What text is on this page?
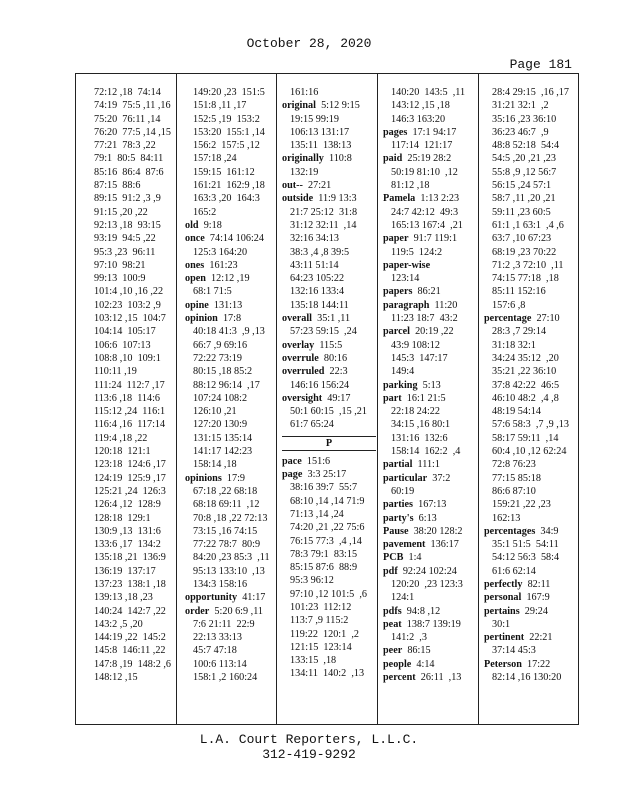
October 28, 2020
Page 181
72:12 ,18  74:14
74:19  75:5 ,11 ,16
75:20  76:11 ,14
76:20  77:5 ,14 ,15
77:21  78:3 ,22
79:1  80:5  84:11
85:16  86:4  87:6
87:15  88:6
89:15  91:2 ,3 ,9
91:15 ,20 ,22
92:13 ,18  93:15
93:19  94:5 ,22
95:3 ,23  96:11
97:10  98:21
99:13  100:9
101:4 ,10 ,16 ,22
102:23  103:2 ,9
103:12 ,15  104:7
104:14  105:17
106:6  107:13
108:8 ,10  109:1
110:11 ,19
111:24  112:7 ,17
113:6 ,18  114:6
115:12 ,24  116:1
116:4 ,16  117:14
119:4 ,18 ,22
120:18  121:1
123:18  124:6 ,17
124:19  125:9 ,17
125:21 ,24  126:3
126:4 ,12  128:9
128:18  129:1
130:9 ,13  131:6
133:6 ,17  134:2
135:18 ,21  136:9
136:19  137:17
137:23  138:1 ,18
139:13 ,18 ,23
140:24  142:7 ,22
143:2 ,5 ,20
144:19 ,22  145:2
145:8  146:11 ,22
147:8 ,19  148:2 ,6
148:12 ,15
149:20 ,23  151:5
151:8 ,11 ,17
152:5 ,19  153:2
153:20  155:1 ,14
156:2  157:5 ,12
157:18 ,24
159:15  161:12
161:21  162:9 ,18
163:3 ,20  164:3
165:2
old  9:18
once  74:14 106:24
125:3 164:20
ones  161:23
open  12:12 ,19
68:1 71:5
opine  131:13
opinion  17:8
40:18 41:3  ,9 ,13
66:7 ,9 69:16
72:22 73:19
80:15 ,18 85:2
88:12 96:14  ,17
107:24 108:2
126:10 ,21
127:20 130:9
131:15 135:14
141:17 142:23
158:14 ,18
opinions  17:9
67:18 ,22 68:18
68:18 69:11  ,12
70:8 ,18 ,22 72:13
73:15 ,16 74:15
77:22 78:7  80:9
84:20 ,23 85:3  ,11
95:13 133:10  ,13
134:3 158:16
opportunity  41:17
order  5:20 6:9 ,11
7:6 21:11  22:9
22:13 33:13
45:7 47:18
100:6 113:14
158:1 ,2 160:24
161:16
original  5:12 9:15
19:15 99:19
106:13 131:17
135:11  138:13
originally  110:8
132:19
out--  27:21
outside  11:9 13:3
21:7 25:12  31:8
31:12 32:11  ,14
32:16 34:13
38:3 ,4 ,8 39:5
43:11 51:14
64:23 105:22
132:16 133:4
135:18 144:11
overall  35:1 ,11
57:23 59:15  ,24
overlay  115:5
overrule  80:16
overruled  22:3
146:16 156:24
oversight  49:17
50:1 60:15  ,15 ,21
61:7 65:24
P
pace  151:6
page  3:3 25:17
38:16 39:7  55:7
68:10 ,14 ,14 71:9
71:13 ,14 ,24
74:20 ,21 ,22 75:6
76:15 77:3  ,4 ,14
78:3 79:1  83:15
85:15 87:6  88:9
95:3 96:12
97:10 ,12 101:5  ,6
101:23  112:12
113:7 ,9 115:2
119:22  120:1  ,2
121:15  123:14
133:15  ,18
134:11  140:2  ,13
140:20  143:5  ,11
143:12 ,15 ,18
146:3 163:20
pages  17:1 94:17
117:14  121:17
paid  25:19 28:2
50:19 81:10  ,12
81:12 ,18
Pamela  1:13 2:23
24:7 42:12  49:3
165:13 167:4  ,21
paper  91:7 119:1
119:5  124:2
paper-wise
123:14
papers  86:21
paragraph  11:20
11:23 18:7  43:2
parcel  20:19 ,22
43:9 108:12
145:3  147:17
149:4
parking  5:13
part  16:1 21:5
22:18 24:22
34:15 ,16 80:1
131:16  132:6
158:14  162:2  ,4
partial  111:1
particular  37:2
60:19
parties  167:13
party's  6:13
Pause  38:20 128:2
pavement  136:17
PCB  1:4
pdf  92:24 102:24
120:20  ,23 123:3
124:1
pdfs  94:8 ,12
peat  138:7 139:19
141:2  ,3
peer  86:15
people  4:14
percent  26:11  ,13
28:4 29:15  ,16 ,17
31:21 32:1  ,2
35:16 ,23 36:10
36:23 46:7  ,9
48:8 52:18  54:4
54:5 ,20 ,21 ,23
55:8 ,9 ,12 56:7
56:15 ,24 57:1
58:7 ,11 ,20 ,21
59:11 ,23 60:5
61:1 ,1 63:1  ,4 ,6
63:7 ,10 67:23
68:19 ,23 70:22
71:2 ,3 72:10  ,11
74:15 77:18  ,18
85:11 152:16
157:6 ,8
percentage  27:10
28:3 ,7 29:14
31:18 32:1
34:24 35:12  ,20
35:21 ,22 36:10
37:8 42:22  46:5
46:10 48:2  ,4 ,8
48:19 54:14
57:6 58:3  ,7 ,9 ,13
58:17 59:11  ,14
60:4 ,10 ,12 62:24
72:8 76:23
77:15 85:18
86:6 87:10
159:21 ,22 ,23
162:13
percentages  34:9
35:1 51:5  54:11
54:12 56:3  58:4
61:6 62:14
perfectly  82:11
personal  167:9
pertains  29:24
30:1
pertinent  22:21
37:14 45:3
Peterson  17:22
82:14 ,16 130:20
L.A. Court Reporters, L.L.C.
312-419-9292
